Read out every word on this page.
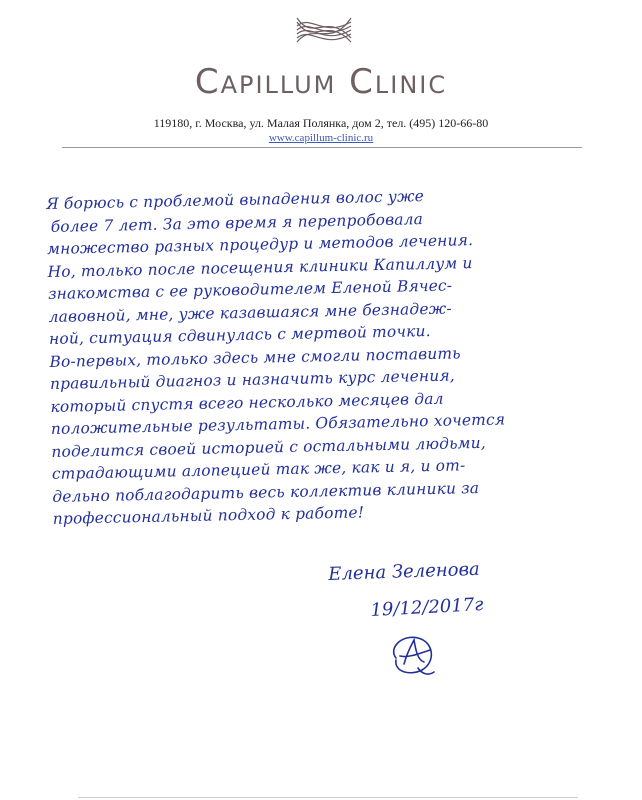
Capillum Clinic
119180, г. Москва, ул. Малая Полянка, дом 2, тел. (495) 120-66-80
www.capillum-clinic.ru
Я борюсь с проблемой выпадения волос уже
более 7 лет. За это время я перепробовала
множество разных процедур и методов лечения.
Но, только после посещения клиники Капиллум и
знакомства с ее руководителем Еленой Вячес-
лавовной, мне, уже казавшаяся мне безнадеж-
ной, ситуация сдвинулась с мертвой точки.
Во-первых, только здесь мне смогли поставить
правильный диагноз и назначить курс лечения,
который спустя всего несколько месяцев дал
положительные результаты. Обязательно хочется
поделится своей историей с остальными людьми,
страдающими алопецией так же, как и я, и от-
дельно поблагодарить весь коллектив клиники за
профессиональный подход к работе!
Елена Зеленова
19/12/2017г
